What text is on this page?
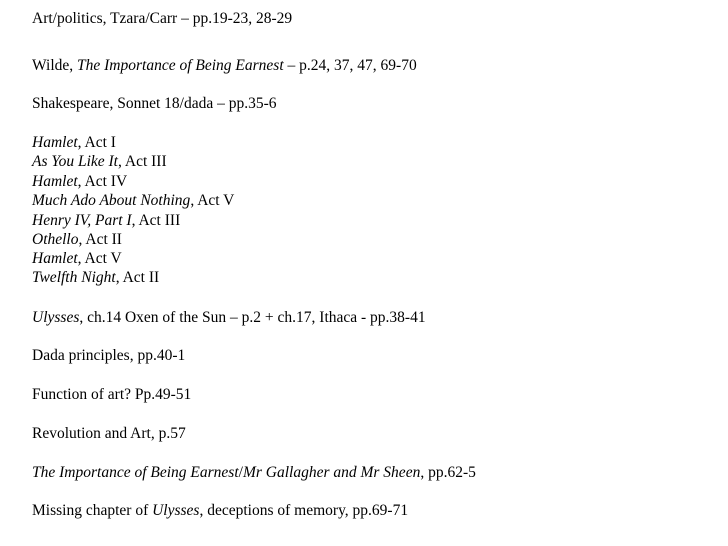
Art/politics, Tzara/Carr – pp.19-23, 28-29

Wilde, The Importance of Being Earnest – p.24, 37, 47, 69-70

Shakespeare, Sonnet 18/dada – pp.35-6

Hamlet, Act I

As You Like It, Act III

Hamlet, Act IV

Much Ado About Nothing, Act V

Henry IV, Part I, Act III

Othello, Act II

Hamlet, Act V

Twelfth Night, Act II

Ulysses, ch.14 Oxen of the Sun – p.2 + ch.17, Ithaca - pp.38-41

Dada principles, pp.40-1

Function of art? Pp.49-51

Revolution and Art, p.57

The Importance of Being Earnest/Mr Gallagher and Mr Sheen, pp.62-5

Missing chapter of Ulysses, deceptions of memory, pp.69-71
